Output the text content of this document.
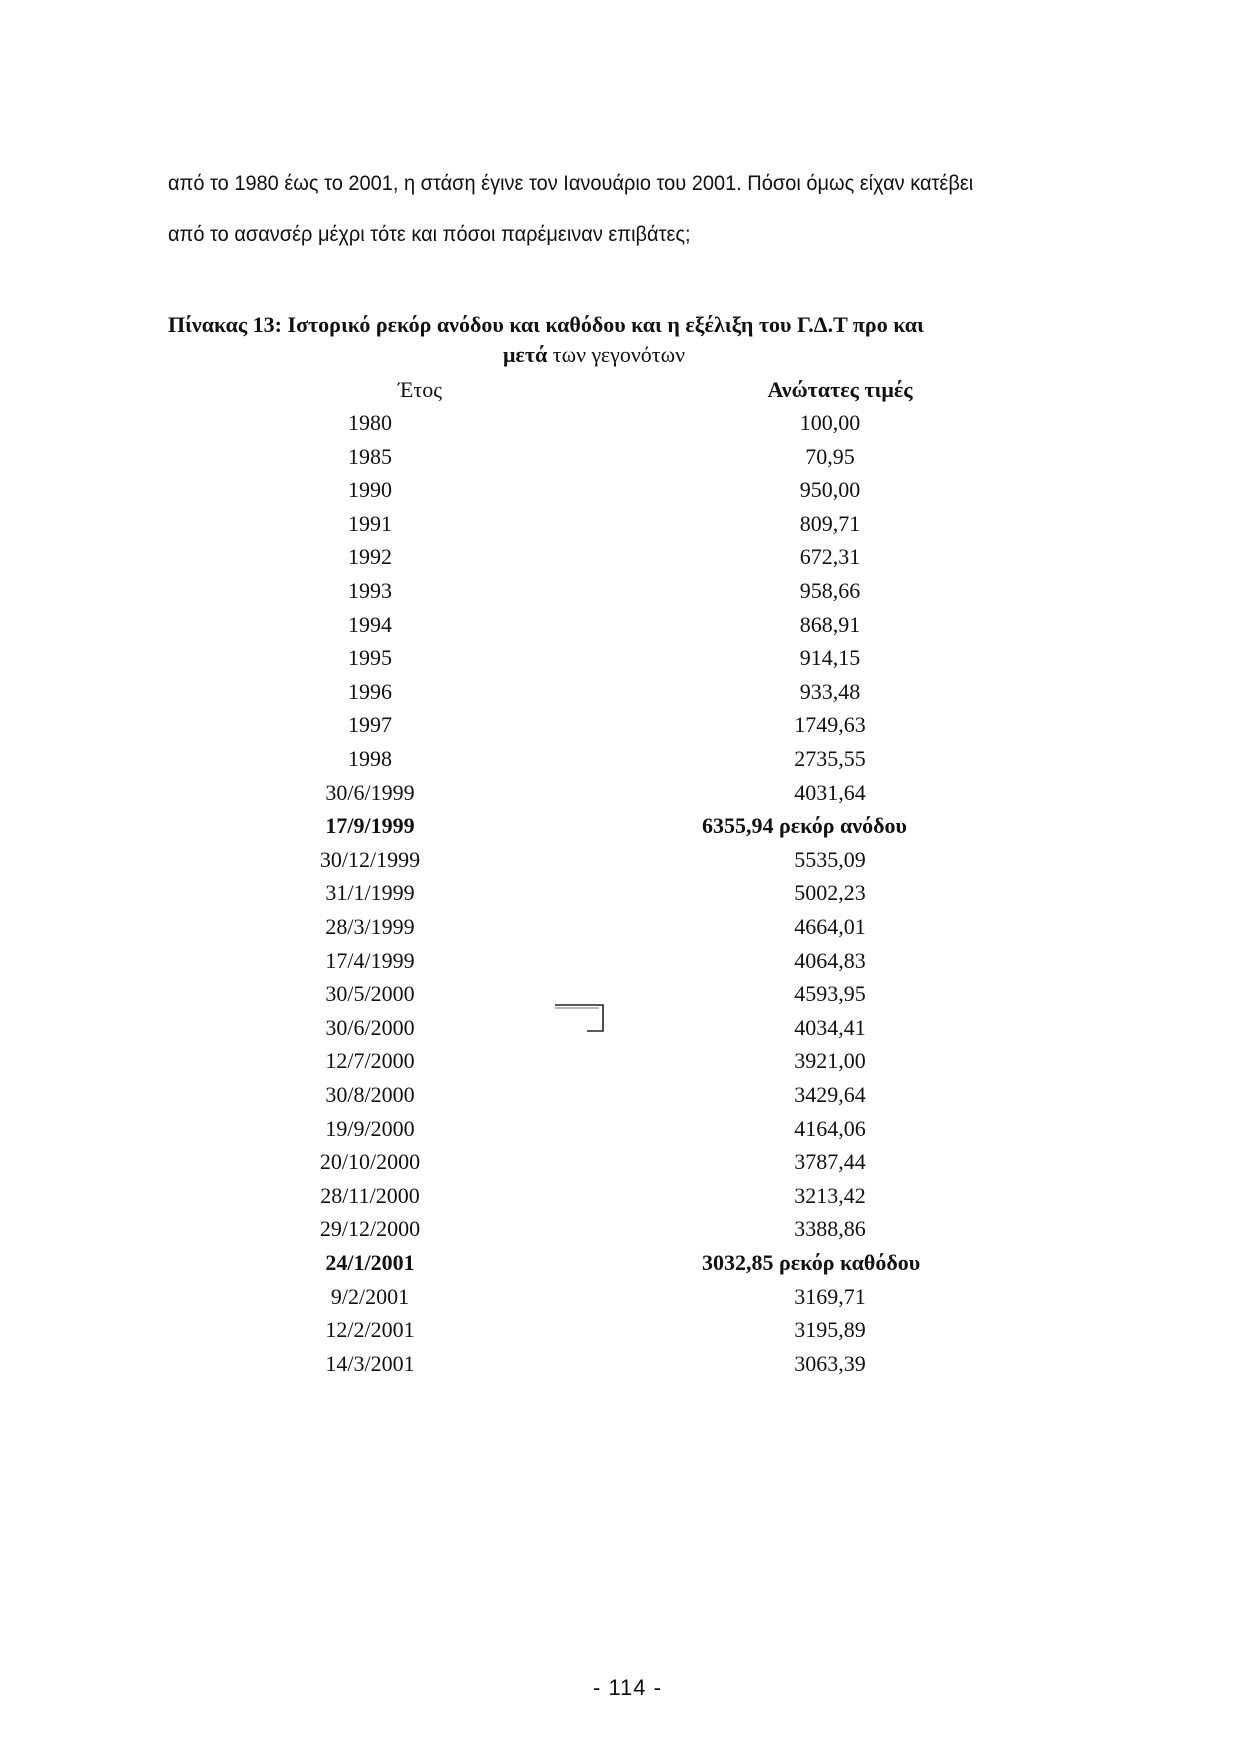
από το 1980 έως το 2001, η στάση έγινε τον Ιανουάριο του 2001. Πόσοι όμως είχαν κατέβει
από το ασανσέρ μέχρι τότε και πόσοι παρέμειναν επιβάτες;

Πίνακας 13: Ιστορικό ρεκόρ ανόδου και καθόδου και η εξέλιξη του Γ.Δ.Τ προ και
μετά των γεγονότων
Έτος	Ανώτατες τιμές
1980	100,00
1985	70,95
1990	950,00
1991	809,71
1992	672,31
1993	958,66
1994	868,91
1995	914,15
1996	933,48
1997	1749,63
1998	2735,55
30/6/1999	4031,64
17/9/1999	6355,94 ρεκόρ ανόδου
30/12/1999	5535,09
31/1/1999	5002,23
28/3/1999	4664,01
17/4/1999	4064,83
30/5/2000	4593,95
30/6/2000	4034,41
12/7/2000	3921,00
30/8/2000	3429,64
19/9/2000	4164,06
20/10/2000	3787,44
28/11/2000	3213,42
29/12/2000	3388,86
24/1/2001	3032,85 ρεκόρ καθόδου
9/2/2001	3169,71
12/2/2001	3195,89
14/3/2001	3063,39
- 114 -
